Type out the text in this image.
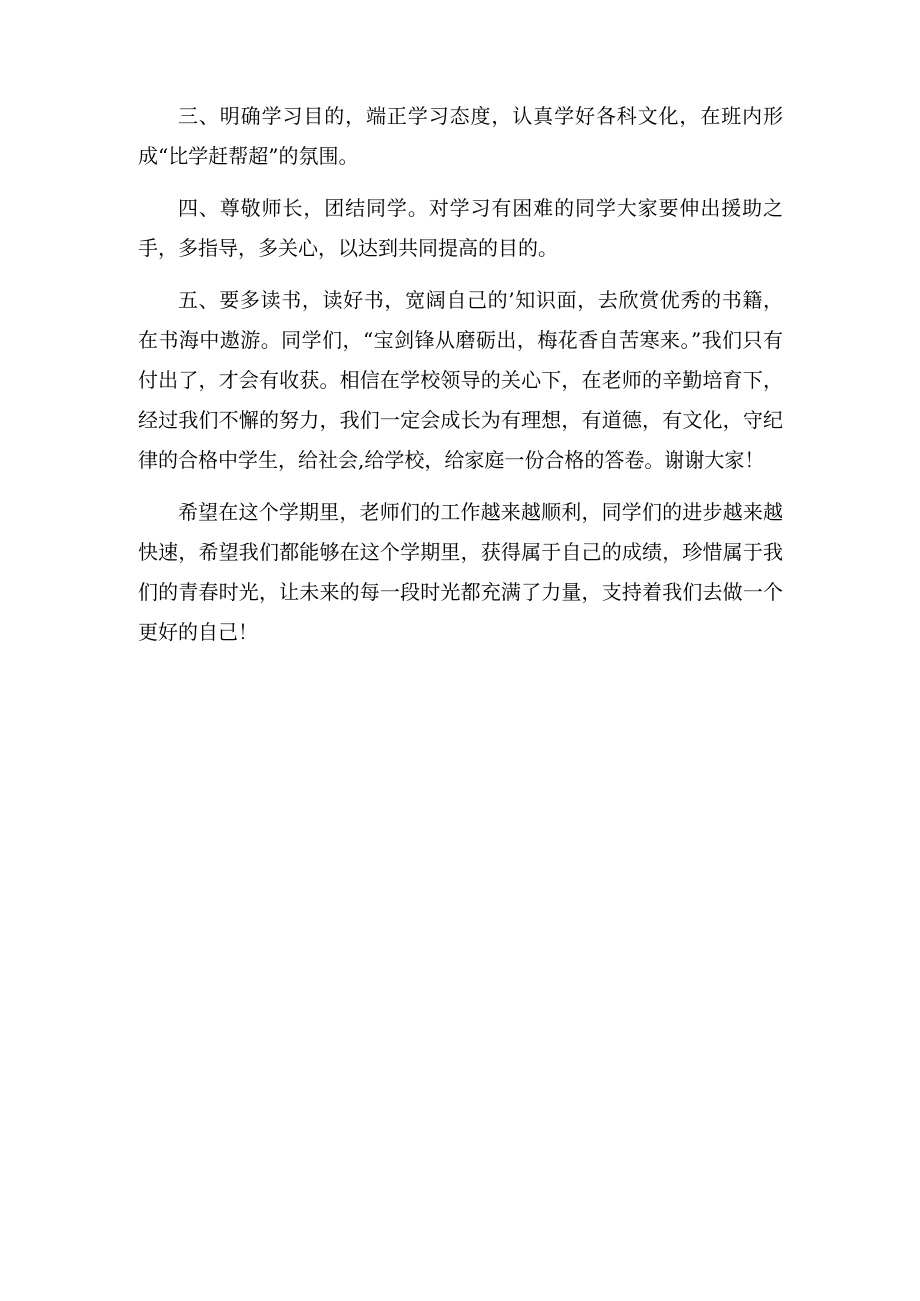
三、明确学习目的，端正学习态度，认真学好各科文化，在班内形成“比学赶帮超”的氛围。

四、尊敬师长，团结同学。对学习有困难的同学大家要伸出援助之手，多指导，多关心，以达到共同提高的目的。

五、要多读书，读好书，宽阔自己的’知识面，去欣赏优秀的书籍，在书海中遨游。同学们，“宝剑锋从磨砺出，梅花香自苦寒来。”我们只有付出了，才会有收获。相信在学校领导的关心下，在老师的辛勤培育下，经过我们不懈的努力，我们一定会成长为有理想，有道德，有文化，守纪律的合格中学生，给社会,给学校，给家庭一份合格的答卷。谢谢大家！

希望在这个学期里，老师们的工作越来越顺利，同学们的进步越来越快速，希望我们都能够在这个学期里，获得属于自己的成绩，珍惜属于我们的青春时光，让未来的每一段时光都充满了力量，支持着我们去做一个更好的自己！
